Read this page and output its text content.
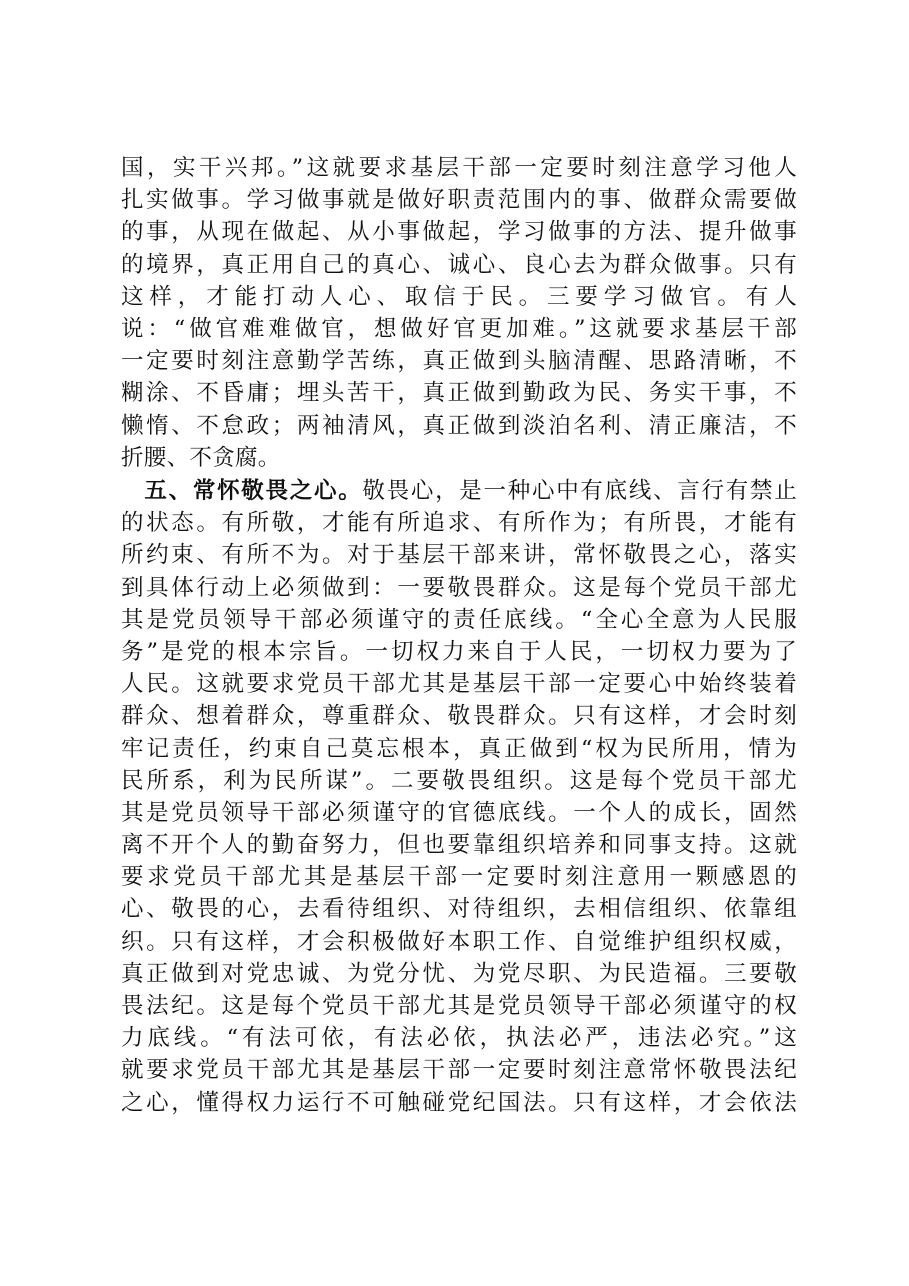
国，实干兴邦。”这就要求基层干部一定要时刻注意学习他人
扎实做事。学习做事就是做好职责范围内的事、做群众需要做
的事，从现在做起、从小事做起，学习做事的方法、提升做事
的境界，真正用自己的真心、诚心、良心去为群众做事。只有
这样，才能打动人心、取信于民。三要学习做官。有人
说：“做官难难做官，想做好官更加难。”这就要求基层干部
一定要时刻注意勤学苦练，真正做到头脑清醒、思路清晰，不
糊涂、不昏庸；埋头苦干，真正做到勤政为民、务实干事，不
懒惰、不怠政；两袖清风，真正做到淡泊名利、清正廉洁，不
折腰、不贪腐。
五、常怀敬畏之心。敬畏心，是一种心中有底线、言行有禁止
的状态。有所敬，才能有所追求、有所作为；有所畏，才能有
所约束、有所不为。对于基层干部来讲，常怀敬畏之心，落实
到具体行动上必须做到：一要敬畏群众。这是每个党员干部尤
其是党员领导干部必须谨守的责任底线。“全心全意为人民服
务”是党的根本宗旨。一切权力来自于人民，一切权力要为了
人民。这就要求党员干部尤其是基层干部一定要心中始终装着
群众、想着群众，尊重群众、敬畏群众。只有这样，才会时刻
牢记责任，约束自己莫忘根本，真正做到“权为民所用，情为
民所系，利为民所谋”。二要敬畏组织。这是每个党员干部尤
其是党员领导干部必须谨守的官德底线。一个人的成长，固然
离不开个人的勤奋努力，但也要靠组织培养和同事支持。这就
要求党员干部尤其是基层干部一定要时刻注意用一颗感恩的
心、敬畏的心，去看待组织、对待组织，去相信组织、依靠组
织。只有这样，才会积极做好本职工作、自觉维护组织权威，
真正做到对党忠诚、为党分忧、为党尽职、为民造福。三要敬
畏法纪。这是每个党员干部尤其是党员领导干部必须谨守的权
力底线。“有法可依，有法必依，执法必严，违法必究。”这
就要求党员干部尤其是基层干部一定要时刻注意常怀敬畏法纪
之心，懂得权力运行不可触碰党纪国法。只有这样，才会依法
